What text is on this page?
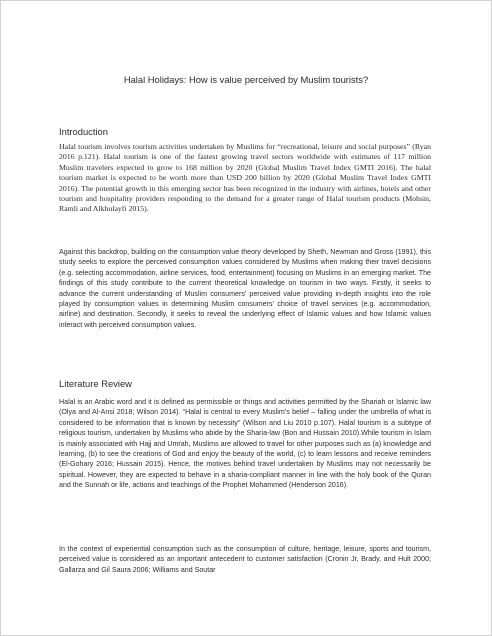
Halal Holidays: How is value perceived by Muslim tourists?
Introduction
Halal tourism involves tourism activities undertaken by Muslims for “recreational, leisure and social purposes” (Ryan 2016 p.121). Halal tourism is one of the fastest growing travel sectors worldwide with estimates of 117 million Muslim travelers expected to grow to 168 million by 2020 (Global Muslim Travel Index GMTI 2016). The halal tourism market is expected to be worth more than USD 200 billion by 2020 (Global Muslim Travel Index GMTI 2016). The potential growth in this emerging sector has been recognized in the industry with airlines, hotels and other tourism and hospitality providers responding to the demand for a greater range of Halal tourism products (Mohsin, Ramli and Alkhulayfi 2015).
Against this backdrop, building on the consumption value theory developed by Sheth, Newman and Gross (1991), this study seeks to explore the perceived consumption values considered by Muslims when making their travel decisions (e.g. selecting accommodation, airline services, food, entertainment) focusing on Muslims in an emerging market. The findings of this study contribute to the current theoretical knowledge on tourism in two ways. Firstly, it seeks to advance the current understanding of Muslim consumers’ perceived value providing in-depth insights into the role played by consumption values in determining Muslim consumers’ choice of travel services (e.g. accommodation, airline) and destination. Secondly, it seeks to reveal the underlying effect of Islamic values and how Islamic values interact with perceived consumption values.
Literature Review
Halal is an Arabic word and it is defined as permissible or things and activities permitted by the Shariah or Islamic law (Olya and Al-Ansi 2018; Wilson 2014). “Halal is central to every Muslim’s belief – falling under the umbrella of what is considered to be information that is known by necessity” (Wilson and Liu 2010 p.107). Halal tourism is a subtype of religious tourism, undertaken by Muslims who abide by the Sharia-law (Bon and Hussain 2010).While tourism in Islam is mainly associated with Hajj and Umrah, Muslims are allowed to travel for other purposes such as (a) knowledge and learning, (b) to see the creations of God and enjoy the beauty of the world, (c) to learn lessons and receive reminders (El-Gohary 2016; Hussain 2015). Hence, the motives behind travel undertaken by Muslims may not necessarily be spiritual. However, they are expected to behave in a sharia-compliant manner in line with the holy book of the Quran and the Sunnah or life, actions and teachings of the Prophet Mohammed (Henderson 2016).
In the context of experiential consumption such as the consumption of culture, heritage, leisure, sports and tourism, perceived value is considered as an important antecedent to customer satisfaction (Cronin Jr, Brady, and Hult 2000; Gallarza and Gil Saura 2006; Williams and Soutar
